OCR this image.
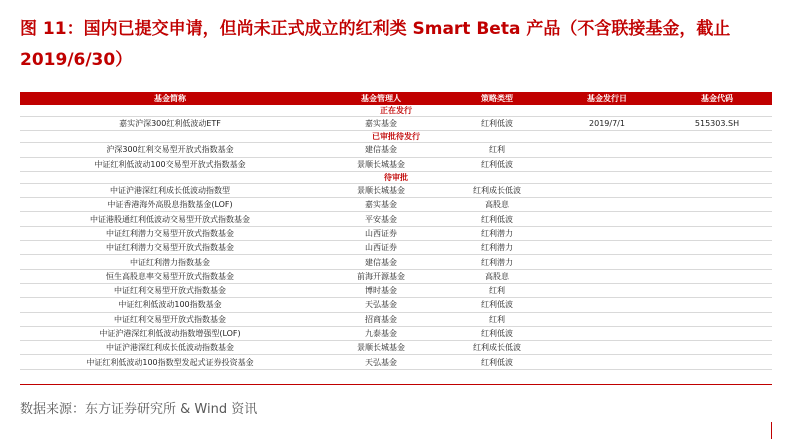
图 11：国内已提交申请，但尚未正式成立的红利类 Smart Beta 产品（不含联接基金，截止 2019/6/30）
基金简称	基金管理人	策略类型	基金发行日	基金代码
正在发行				
嘉实沪深300红利低波动ETF	嘉实基金	红利低波	2019/7/1	515303.SH
已审批待发行				
沪深300红利交易型开放式指数基金	建信基金	红利		
中证红利低波动100交易型开放式指数基金	景顺长城基金	红利低波		
待审批				
中证沪港深红利成长低波动指数型	景顺长城基金	红利成长低波		
中证香港海外高股息指数基金(LOF)	嘉实基金	高股息		
中证港股通红利低波动交易型开放式指数基金	平安基金	红利低波		
中证红利潜力交易型开放式指数基金	山西证券	红利潜力		
中证红利潜力交易型开放式指数基金	山西证券	红利潜力		
中证红利潜力指数基金	建信基金	红利潜力		
恒生高股息率交易型开放式指数基金	前海开源基金	高股息		
中证红利交易型开放式指数基金	博时基金	红利		
中证红利低波动100指数基金	天弘基金	红利低波		
中证红利交易型开放式指数基金	招商基金	红利		
中证沪港深红利低波动指数增强型(LOF)	九泰基金	红利低波		
中证沪港深红利成长低波动指数基金	景顺长城基金	红利成长低波		
中证红利低波动100指数型发起式证券投资基金	天弘基金	红利低波		
数据来源：东方证券研究所 & Wind 资讯
